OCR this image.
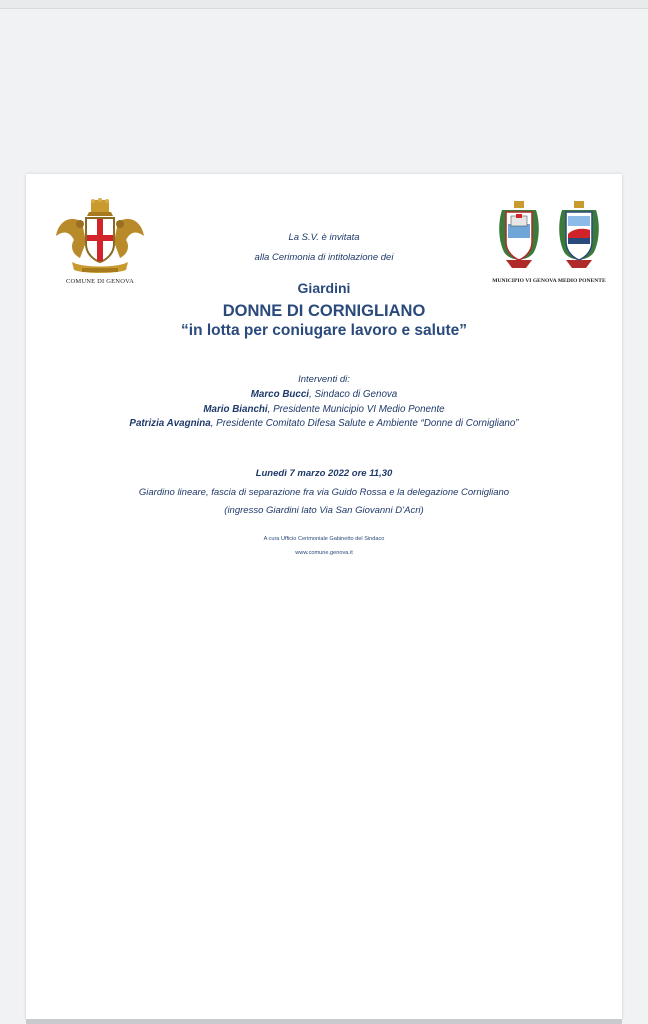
COMUNE DI GENOVA	MUNICIPIO VI GENOVA MEDIO PONENTE
La S.V. è invitata
alla Cerimonia di intitolazione dei
Giardini
DONNE DI CORNIGLIANO
“in lotta per coniugare lavoro e salute”
Interventi di:
Marco Bucci, Sindaco di Genova
Mario Bianchi, Presidente Municipio VI Medio Ponente
Patrizia Avagnina, Presidente Comitato Difesa Salute e Ambiente “Donne di Cornigliano”
Lunedì 7 marzo 2022 ore 11,30
Giardino lineare, fascia di separazione fra via Guido Rossa e la delegazione Cornigliano
(ingresso Giardini lato Via San Giovanni D’Acri)
A cura Ufficio Cerimoniale Gabinetto del Sindaco
www.comune.genova.it
